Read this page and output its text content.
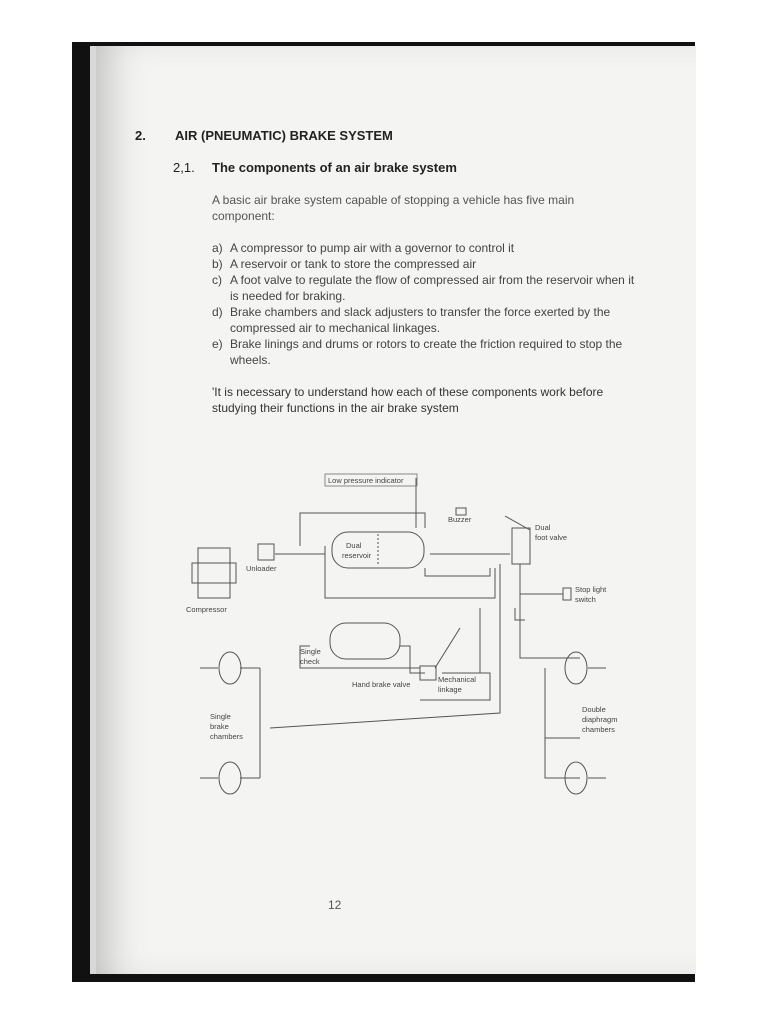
2. AIR (PNEUMATIC) BRAKE SYSTEM
2,1. The components of an air brake system
A basic air brake system capable of stopping a vehicle has five main component:
a) A compressor to pump air with a governor to control it
b) A reservoir or tank to store the compressed air
c) A foot valve to regulate the flow of compressed air from the reservoir when it is needed for braking.
d) Brake chambers and slack adjusters to transfer the force exerted by the compressed air to mechanical linkages.
e) Brake linings and drums or rotors to create the friction required to stop the wheels.
'It is necessary to understand how each of these components work before studying their functions in the air brake system
Low pressure indicator
Buzzer
Dual
reservoir
Dual
foot valve
Unloader
Compressor
Stop light
switch
Single
check
Hand brake valve
Mechanical
linkage
Single
brake
chambers
Double
diaphragm
chambers
12
